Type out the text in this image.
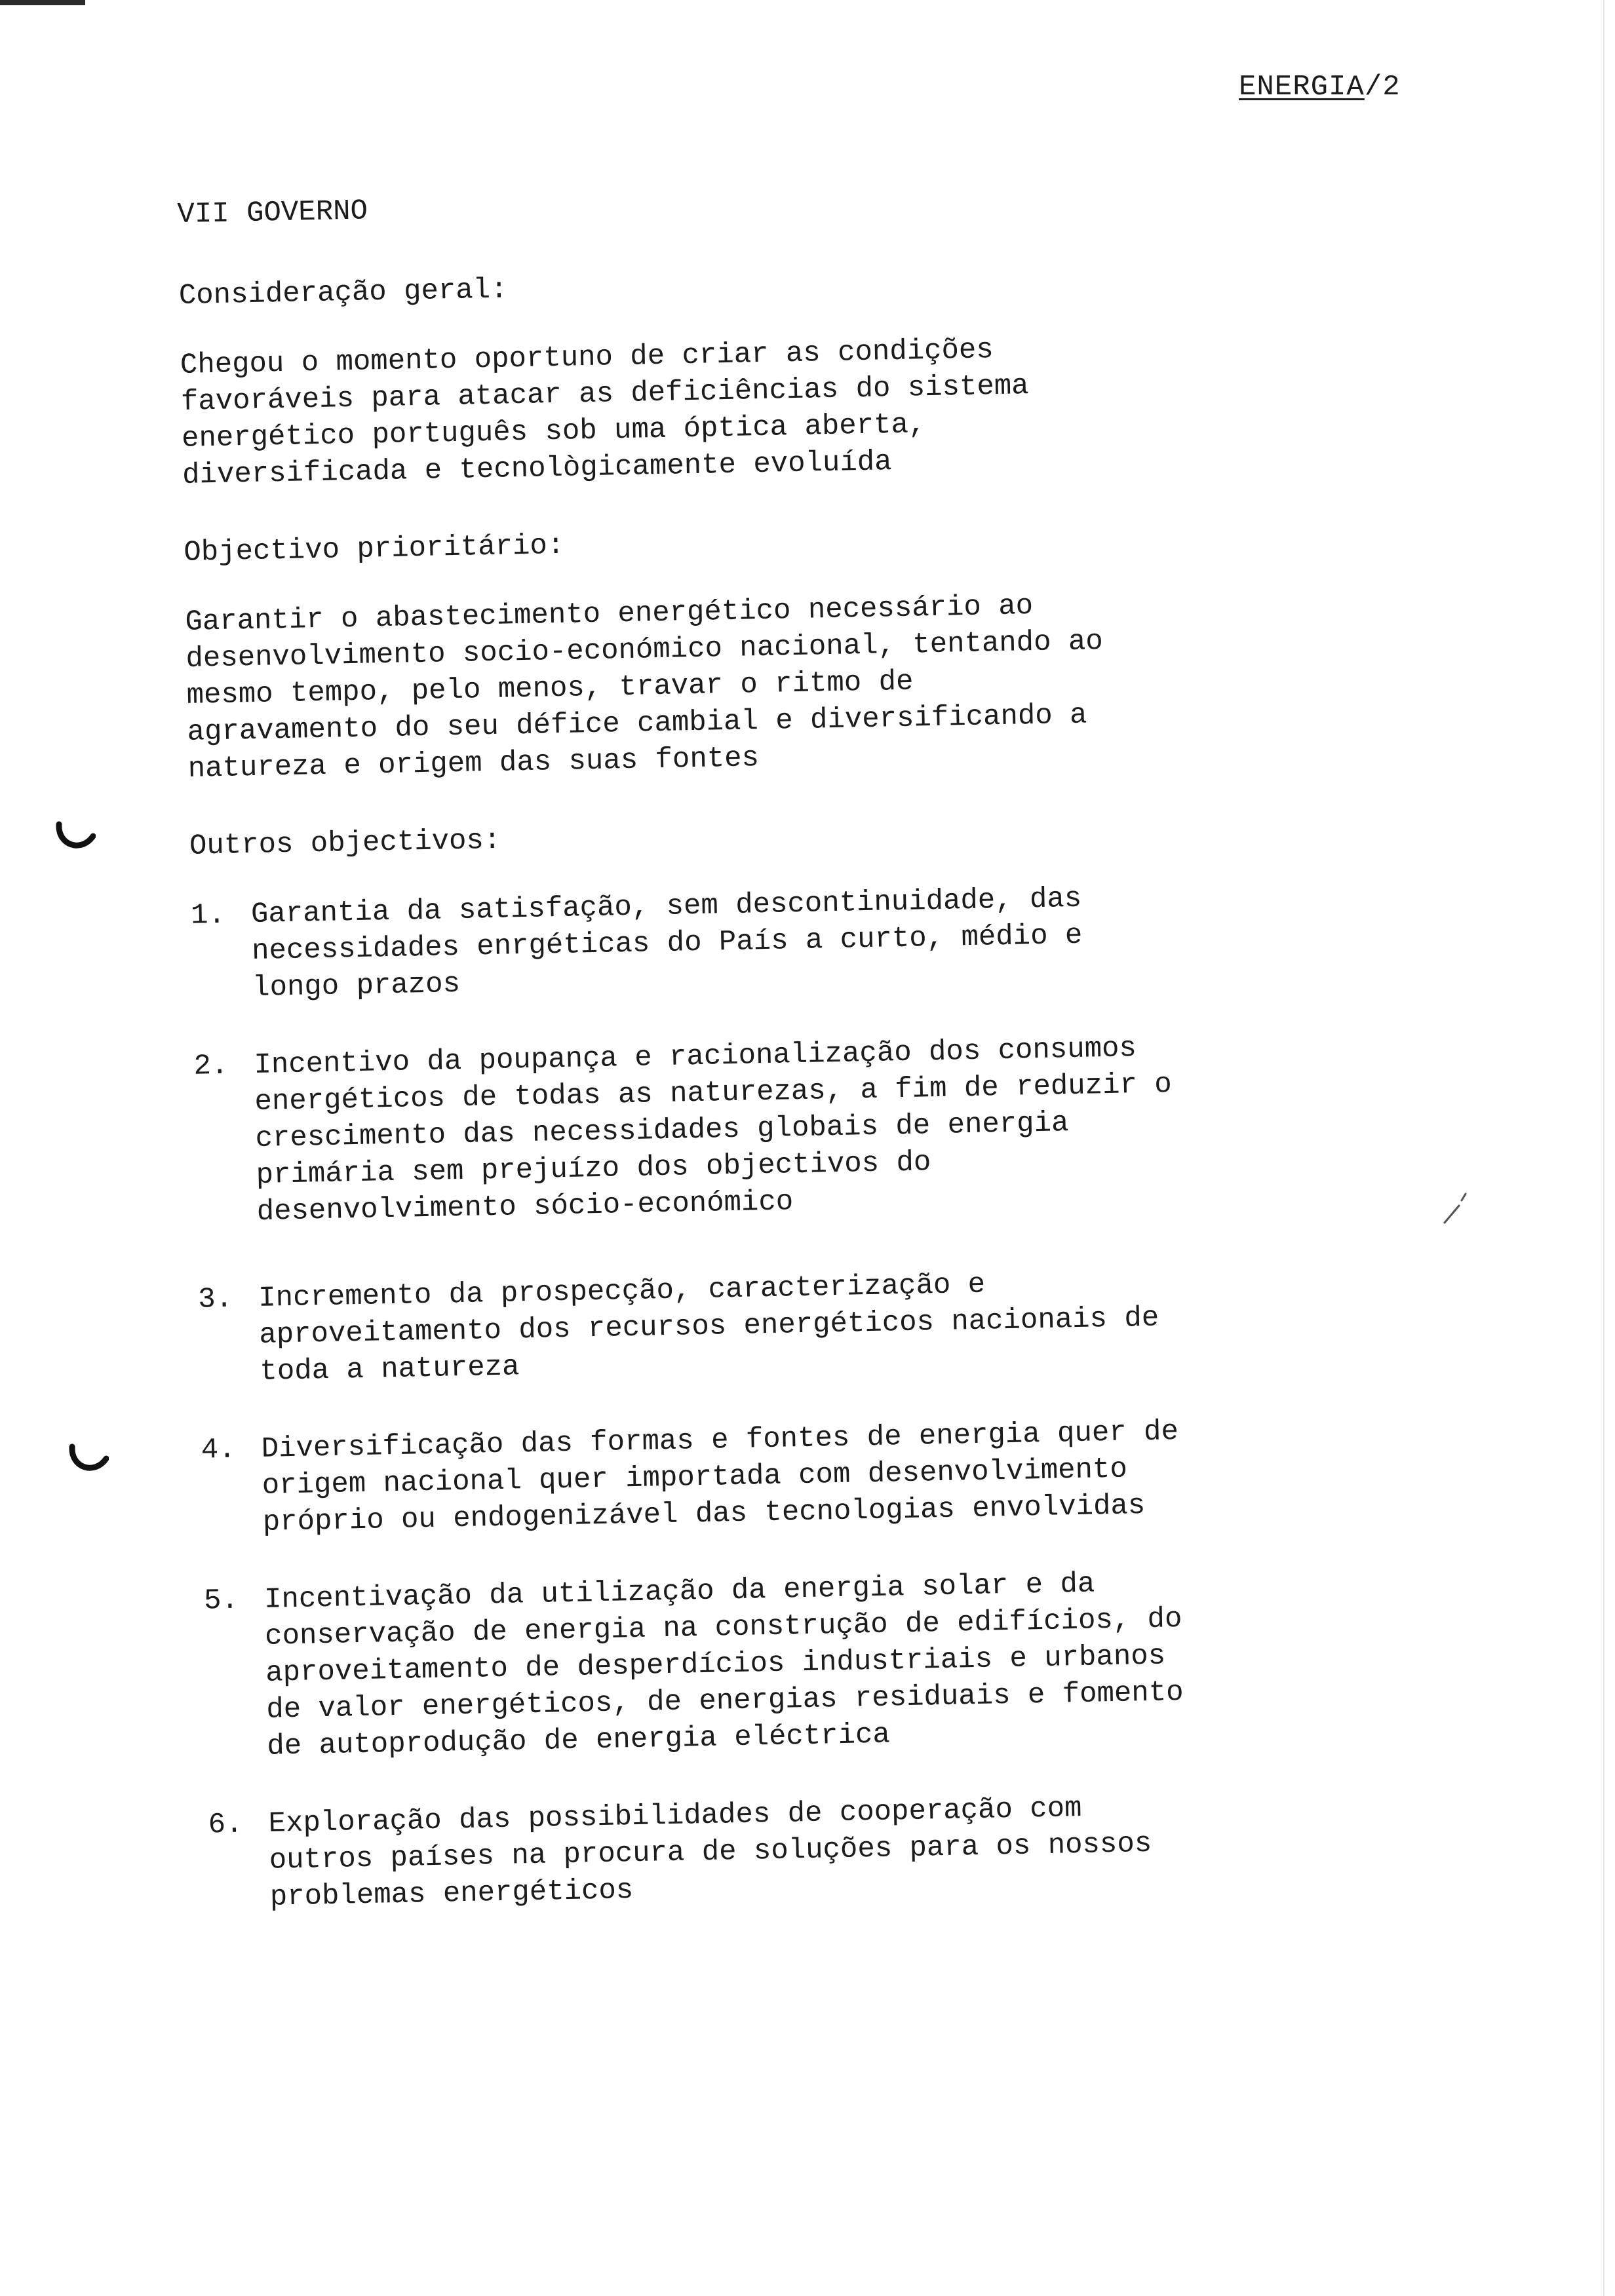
ENERGIA/2

VII GOVERNO

Consideração geral:

Chegou o momento oportuno de criar as condições favoráveis para atacar as deficiências do sistema energético português sob uma óptica aberta, diversificada e tecnològicamente evoluída

Objectivo prioritário:

Garantir o abastecimento energético necessário ao desenvolvimento socio-económico nacional, tentando ao mesmo tempo, pelo menos, travar o ritmo de agravamento do seu défice cambial e diversificando a natureza e origem das suas fontes

Outros objectivos:

1. Garantia da satisfação, sem descontinuidade, das necessidades enrgéticas do País a curto, médio e longo prazos
2. Incentivo da poupança e racionalização dos consumos energéticos de todas as naturezas, a fim de reduzir o crescimento das necessidades globais de energia primária sem prejuízo dos objectivos do desenvolvimento sócio-económico
3. Incremento da prospecção, caracterização e aproveitamento dos recursos energéticos nacionais de toda a natureza
4. Diversificação das formas e fontes de energia quer de origem nacional quer importada com desenvolvimento próprio ou endogenizável das tecnologias envolvidas
5. Incentivação da utilização da energia solar e da conservação de energia na construção de edifícios, do aproveitamento de desperdícios industriais e urbanos de valor energéticos, de energias residuais e fomento de autoprodução de energia eléctrica
6. Exploração das possibilidades de cooperação com outros países na procura de soluções para os nossos problemas energéticos
